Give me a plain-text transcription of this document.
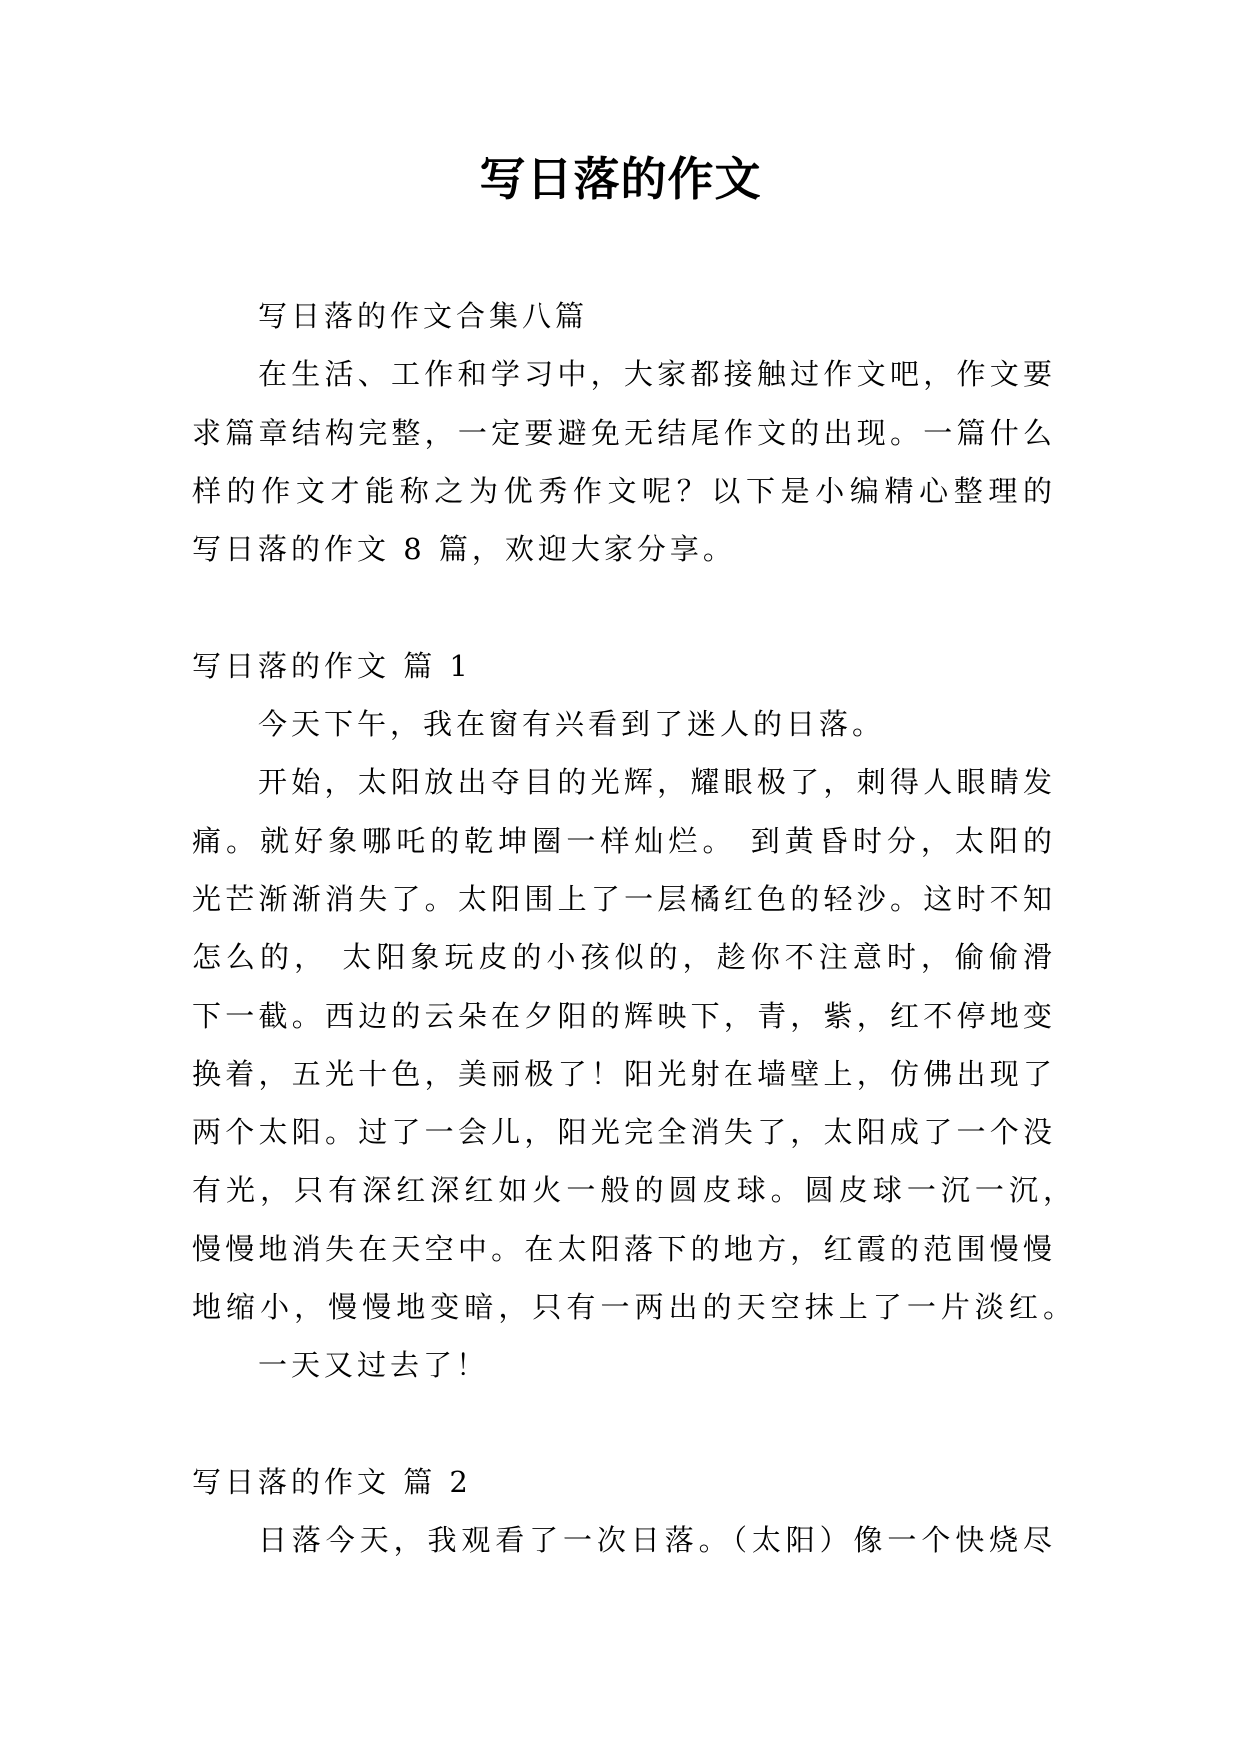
写日落的作文
写日落的作文合集八篇
在生活、工作和学习中，大家都接触过作文吧，作文要
求篇章结构完整，一定要避免无结尾作文的出现。一篇什么
样的作文才能称之为优秀作文呢？以下是小编精心整理的
写日落的作文 8 篇，欢迎大家分享。
写日落的作文 篇 1
今天下午，我在窗有兴看到了迷人的日落。
开始，太阳放出夺目的光辉，耀眼极了，刺得人眼睛发
痛。就好象哪吒的乾坤圈一样灿烂。 到黄昏时分，太阳的
光芒渐渐消失了。太阳围上了一层橘红色的轻沙。这时不知
怎么的， 太阳象玩皮的小孩似的，趁你不注意时，偷偷滑
下一截。西边的云朵在夕阳的辉映下，青，紫，红不停地变
换着，五光十色，美丽极了！阳光射在墙壁上，仿佛出现了
两个太阳。过了一会儿，阳光完全消失了，太阳成了一个没
有光，只有深红深红如火一般的圆皮球。圆皮球一沉一沉，
慢慢地消失在天空中。在太阳落下的地方，红霞的范围慢慢
地缩小，慢慢地变暗，只有一两出的天空抹上了一片淡红。
一天又过去了！
写日落的作文 篇 2
日落今天，我观看了一次日落。（太阳）像一个快烧尽
